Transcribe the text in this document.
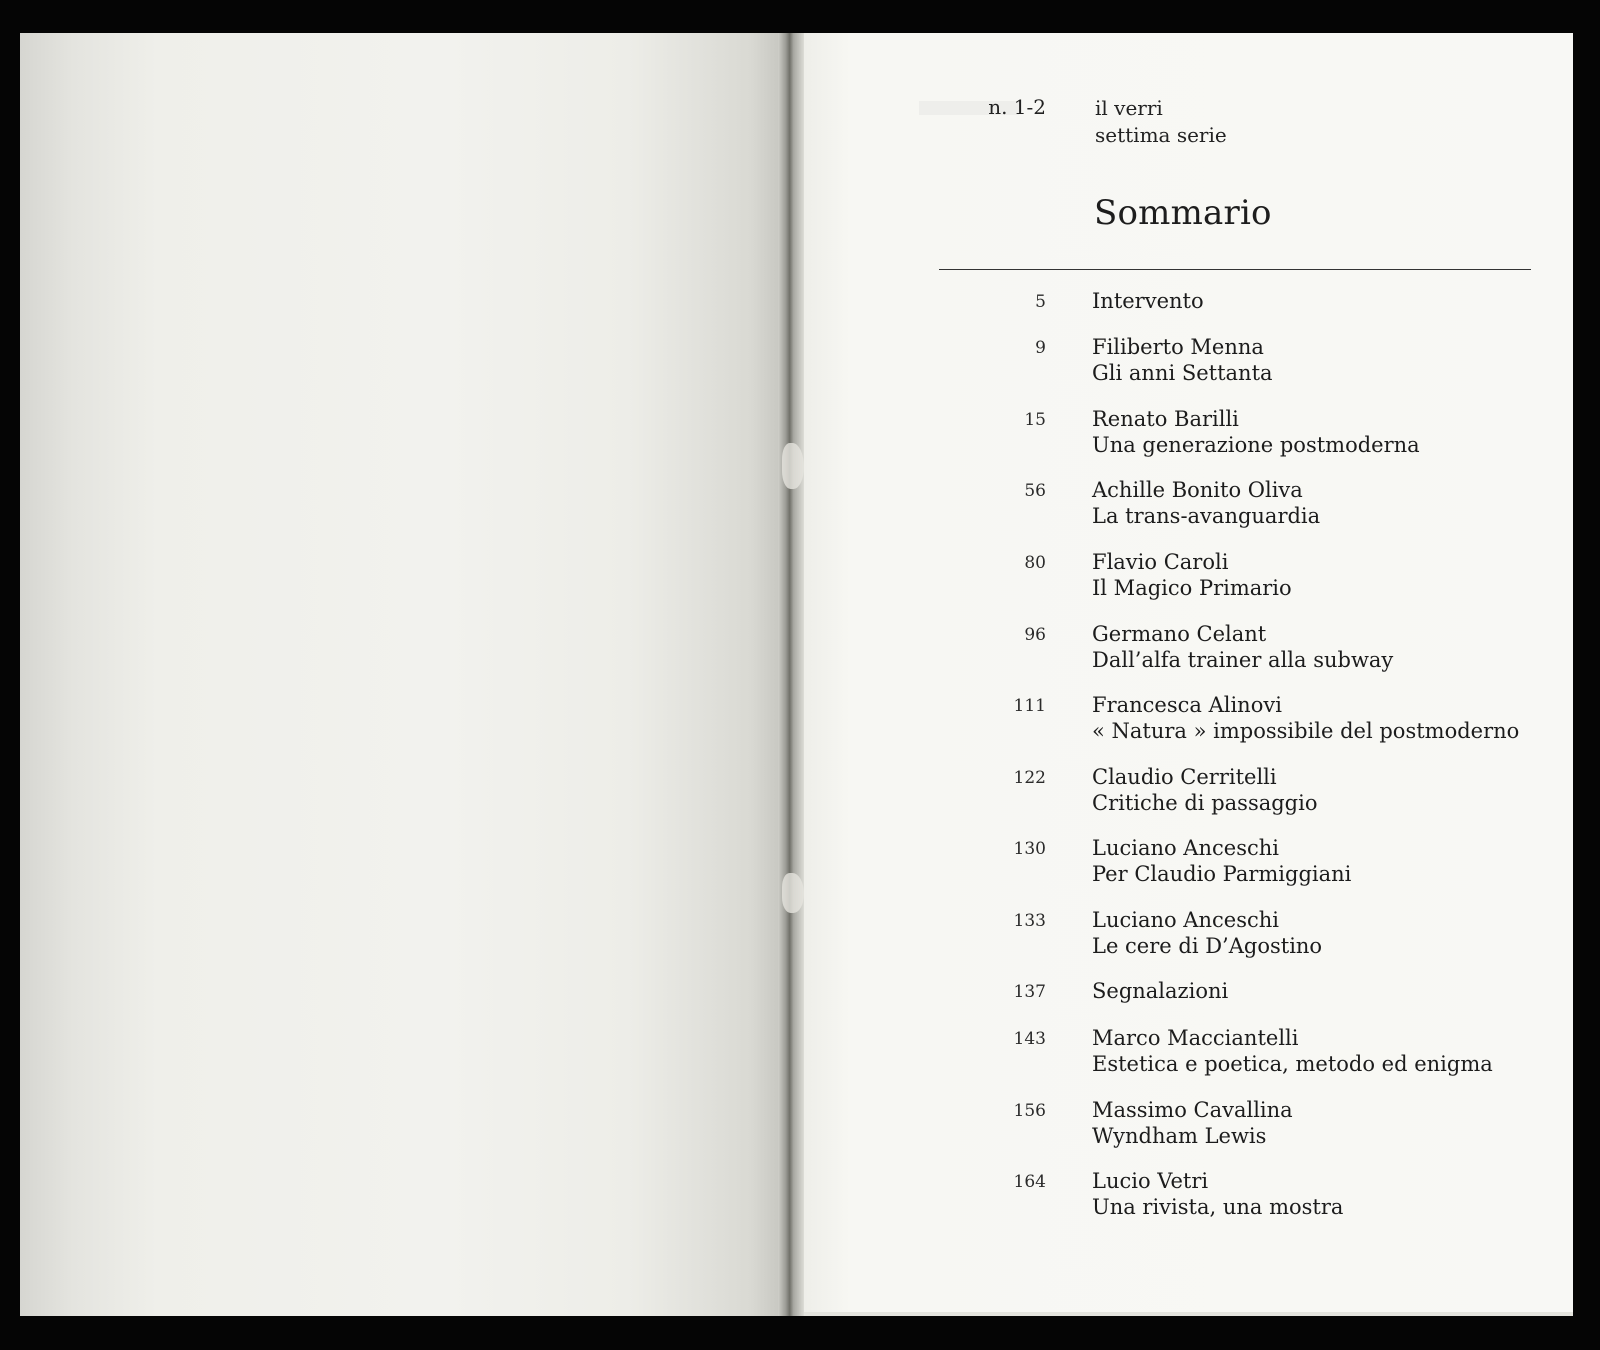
n. 1-2 il verri
settima serie
Sommario
5 Intervento
9 Filiberto Menna
Gli anni Settanta
15 Renato Barilli
Una generazione postmoderna
56 Achille Bonito Oliva
La trans-avanguardia
80 Flavio Caroli
Il Magico Primario
96 Germano Celant
Dall’alfa trainer alla subway
111 Francesca Alinovi
« Natura » impossibile del postmoderno
122 Claudio Cerritelli
Critiche di passaggio
130 Luciano Anceschi
Per Claudio Parmiggiani
133 Luciano Anceschi
Le cere di D’Agostino
137 Segnalazioni
143 Marco Macciantelli
Estetica e poetica, metodo ed enigma
156 Massimo Cavallina
Wyndham Lewis
164 Lucio Vetri
Una rivista, una mostra
